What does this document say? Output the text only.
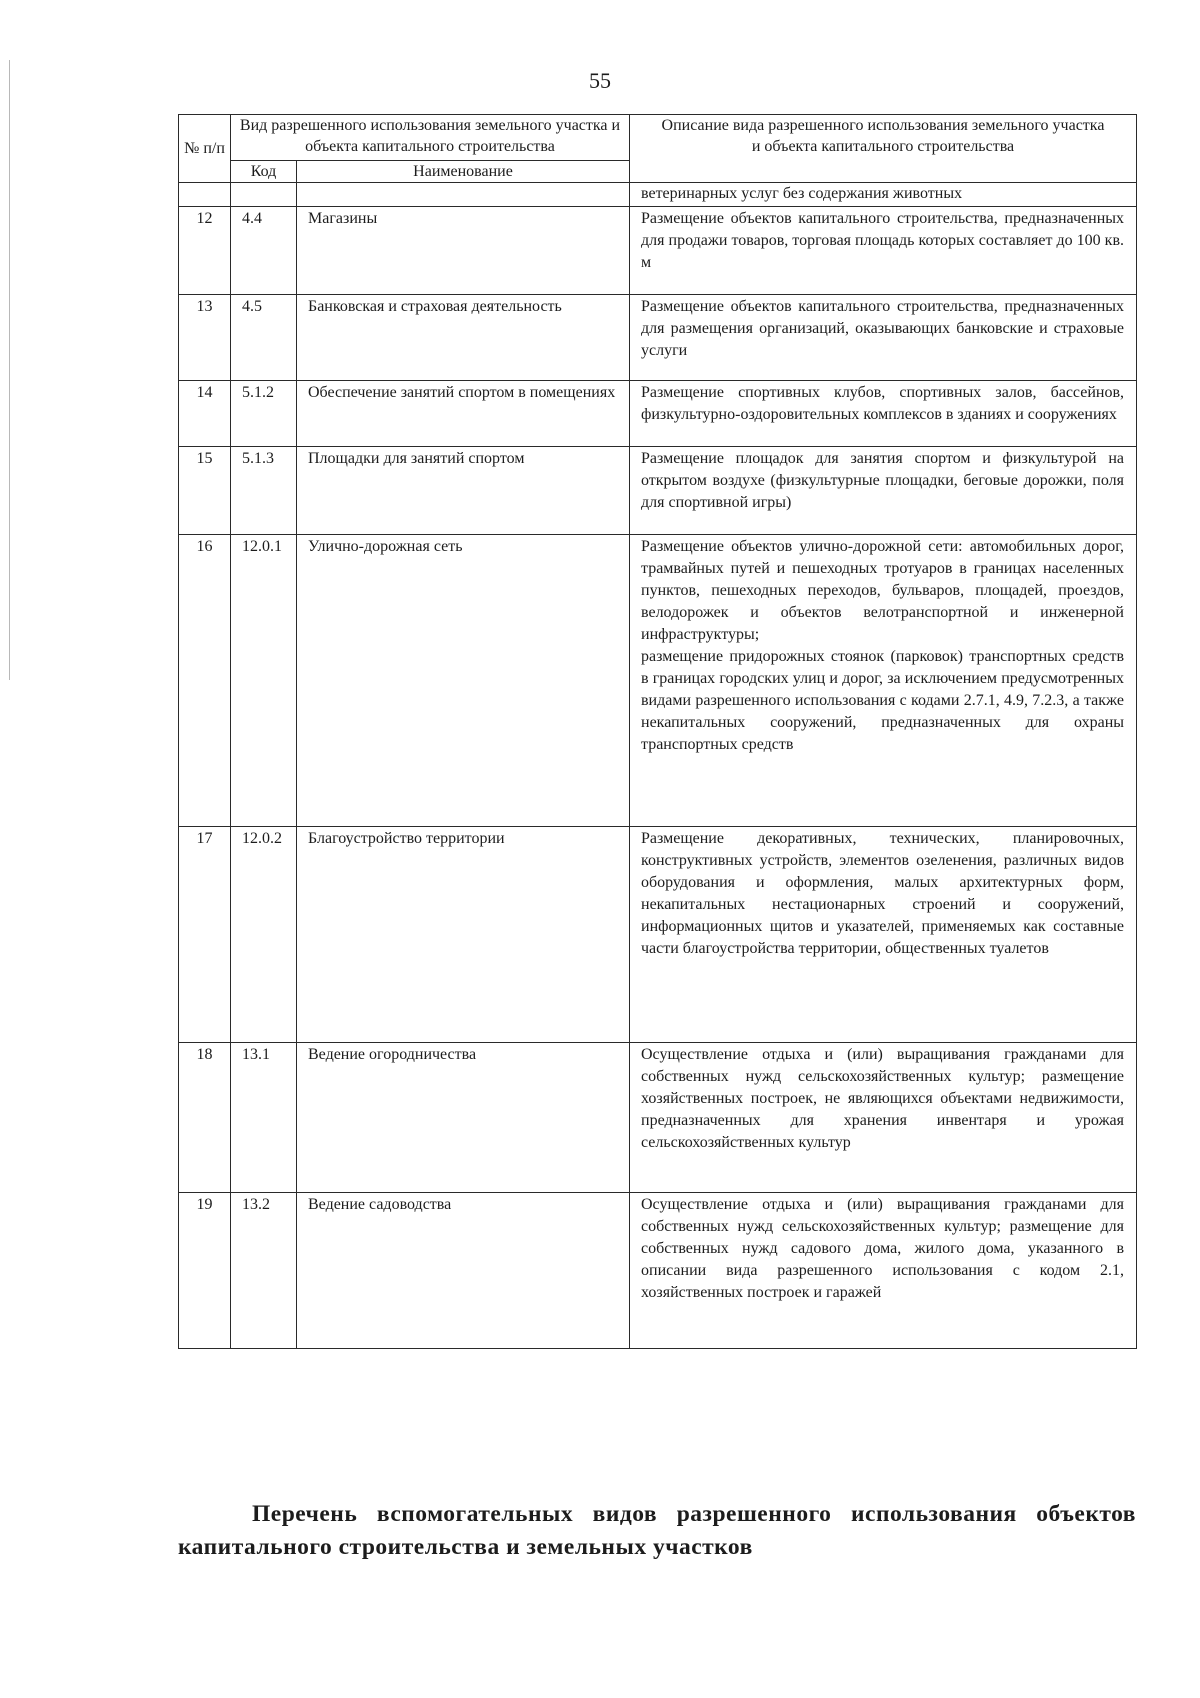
55
№ п/п	Вид разрешенного использования земельного участка и объекта капитального строительства		Описание вида разрешенного использования земельного участка и объекта капитального строительства
	Код	Наименование	
			ветеринарных услуг без содержания животных
12	4.4	Магазины	Размещение объектов капитального строительства, предназначенных для продажи товаров, торговая площадь которых составляет до 100 кв. м

13	4.5	Банковская и страховая деятельность	Размещение объектов капитального строительства, предназначенных для размещения организаций, оказывающих банковские и страховые услуги

14	5.1.2	Обеспечение занятий спортом в помещениях	Размещение спортивных клубов, спортивных залов, бассейнов, физкультурно-оздоровительных комплексов в зданиях и сооружениях

15	5.1.3	Площадки для занятий спортом	Размещение площадок для занятия спортом и физкультурой на открытом воздухе (физкультурные площадки, беговые дорожки, поля для спортивной игры)

16	12.0.1	Улично-дорожная сеть	Размещение объектов улично-дорожной сети: автомобильных дорог, трамвайных путей и пешеходных тротуаров в границах населенных пунктов, пешеходных переходов, бульваров, площадей, проездов, велодорожек и объектов велотранспортной и инженерной инфраструктуры;
размещение придорожных стоянок (парковок) транспортных средств в границах городских улиц и дорог, за исключением предусмотренных видами разрешенного использования с кодами 2.7.1, 4.9, 7.2.3, а также некапитальных сооружений, предназначенных для охраны транспортных средств

17	12.0.2	Благоустройство территории	Размещение декоративных, технических, планировочных, конструктивных устройств, элементов озеленения, различных видов оборудования и оформления, малых архитектурных форм, некапитальных нестационарных строений и сооружений, информационных щитов и указателей, применяемых как составные части благоустройства территории, общественных туалетов

18	13.1	Ведение огородничества	Осуществление отдыха и (или) выращивания гражданами для собственных нужд сельскохозяйственных культур; размещение хозяйственных построек, не являющихся объектами недвижимости, предназначенных для хранения инвентаря и урожая сельскохозяйственных культур

19	13.2	Ведение садоводства	Осуществление отдыха и (или) выращивания гражданами для собственных нужд сельскохозяйственных культур; размещение для собственных нужд садового дома, жилого дома, указанного в описании вида разрешенного использования с кодом 2.1, хозяйственных построек и гаражей
Перечень вспомогательных видов разрешенного использования объектов капитального строительства и земельных участков
